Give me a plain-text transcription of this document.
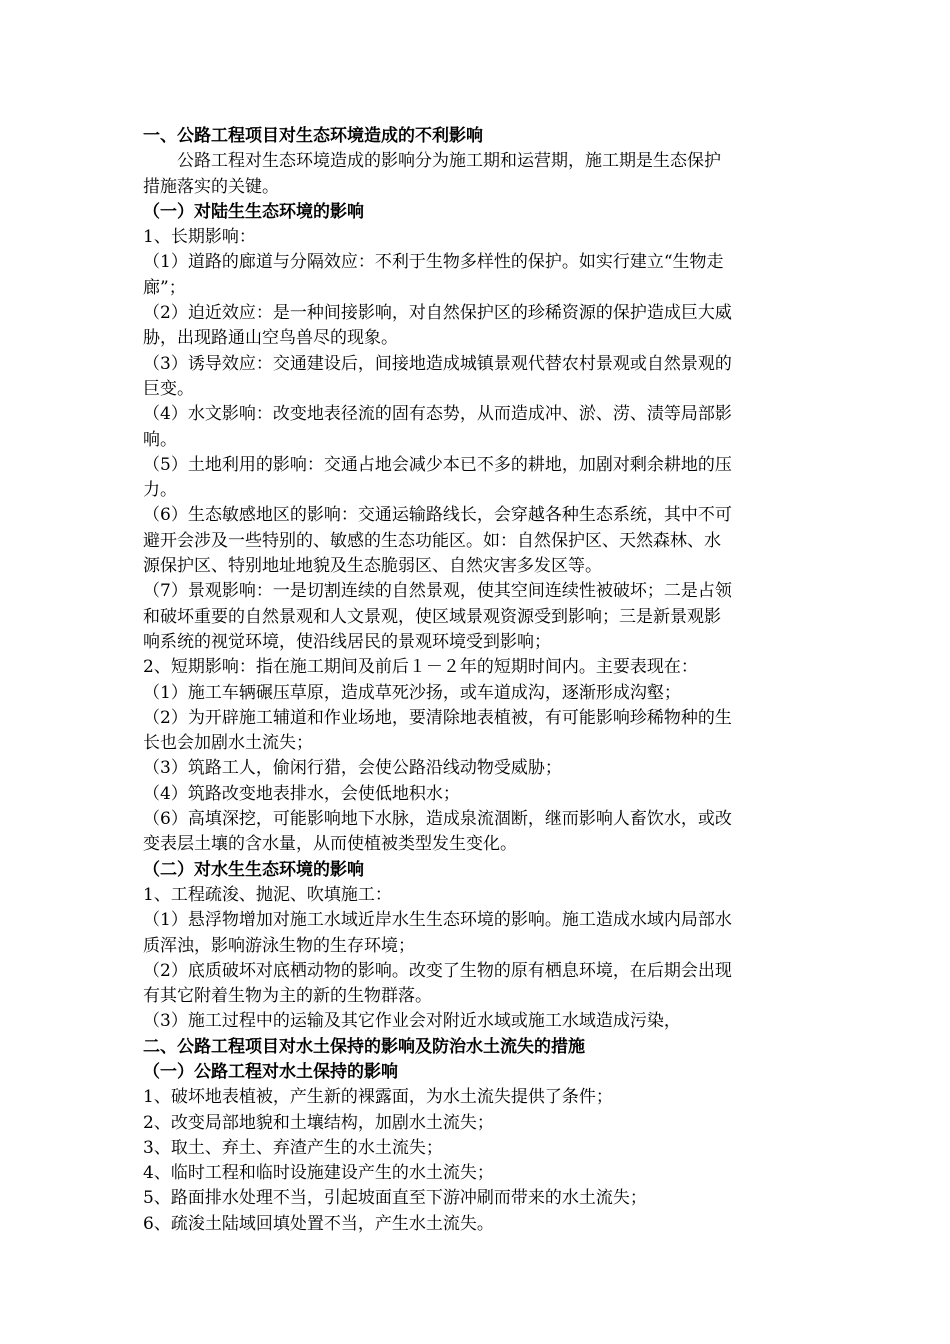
一、公路工程项目对生态环境造成的不利影响
公路工程对生态环境造成的影响分为施工期和运营期，施工期是生态保护
措施落实的关键。
（一）对陆生生态环境的影响
1、长期影响：
（1）道路的廊道与分隔效应：不利于生物多样性的保护。如实行建立“生物走
廊”；
（2）迫近效应：是一种间接影响，对自然保护区的珍稀资源的保护造成巨大威
胁，出现路通山空鸟兽尽的现象。
（3）诱导效应：交通建设后，间接地造成城镇景观代替农村景观或自然景观的
巨变。
（4）水文影响：改变地表径流的固有态势，从而造成冲、淤、涝、渍等局部影
响。
（5）土地利用的影响：交通占地会减少本已不多的耕地，加剧对剩余耕地的压
力。
（6）生态敏感地区的影响：交通运输路线长，会穿越各种生态系统，其中不可
避开会涉及一些特别的、敏感的生态功能区。如：自然保护区、天然森林、水
源保护区、特别地址地貌及生态脆弱区、自然灾害多发区等。
（7）景观影响：一是切割连续的自然景观，使其空间连续性被破坏；二是占领
和破坏重要的自然景观和人文景观，使区域景观资源受到影响；三是新景观影
响系统的视觉环境，使沿线居民的景观环境受到影响；
2、短期影响：指在施工期间及前后１－２年的短期时间内。主要表现在：
（1）施工车辆碾压草原，造成草死沙扬，或车道成沟，逐渐形成沟壑；
（2）为开辟施工辅道和作业场地，要清除地表植被，有可能影响珍稀物种的生
长也会加剧水土流失；
（3）筑路工人，偷闲行猎，会使公路沿线动物受威胁；
（4）筑路改变地表排水，会使低地积水；
（6）高填深挖，可能影响地下水脉，造成泉流涸断，继而影响人畜饮水，或改
变表层土壤的含水量，从而使植被类型发生变化。
（二）对水生生态环境的影响
1、工程疏浚、抛泥、吹填施工：
（1）悬浮物增加对施工水域近岸水生生态环境的影响。施工造成水域内局部水
质浑浊，影响游泳生物的生存环境；
（2）底质破坏对底栖动物的影响。改变了生物的原有栖息环境，在后期会出现
有其它附着生物为主的新的生物群落。
（3）施工过程中的运输及其它作业会对附近水域或施工水域造成污染，
二、公路工程项目对水土保持的影响及防治水土流失的措施
（一）公路工程对水土保持的影响
1、破坏地表植被，产生新的裸露面，为水土流失提供了条件；
2、改变局部地貌和土壤结构，加剧水土流失；
3、取土、弃土、弃渣产生的水土流失；
4、临时工程和临时设施建设产生的水土流失；
5、路面排水处理不当，引起坡面直至下游冲刷而带来的水土流失；
6、疏浚土陆域回填处置不当，产生水土流失。
